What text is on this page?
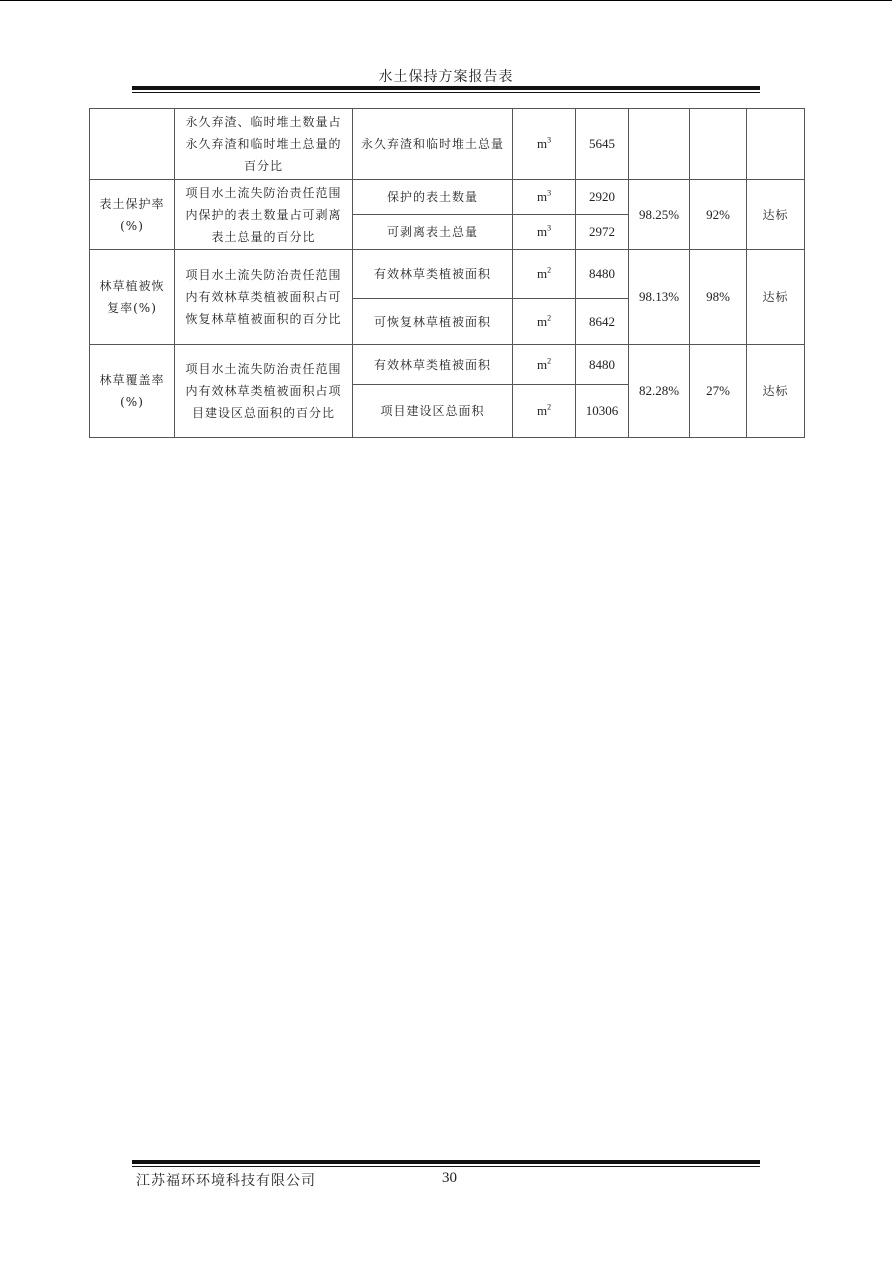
水土保持方案报告表
	永久弃渣、临时堆土数量占永久弃渣和临时堆土总量的百分比	永久弃渣和临时堆土总量	$m^3$	5645			
表土保护率(%)	项目水土流失防治责任范围内保护的表土数量占可剥离表土总量的百分比	保护的表土数量	$m^3$	2920	98.25%	92%	达标
		可剥离表土总量	$m^3$	2972			
林草植被恢复率(%)	项目水土流失防治责任范围内有效林草类植被面积占可恢复林草植被面积的百分比	有效林草类植被面积	$m^2$	8480	98.13%	98%	达标
		可恢复林草植被面积	$m^2$	8642			
林草覆盖率(%)	项目水土流失防治责任范围内有效林草类植被面积占项目建设区总面积的百分比	有效林草类植被面积	$m^2$	8480	82.28%	27%	达标
		项目建设区总面积	$m^2$	10306			
江苏福环环境科技有限公司	30
